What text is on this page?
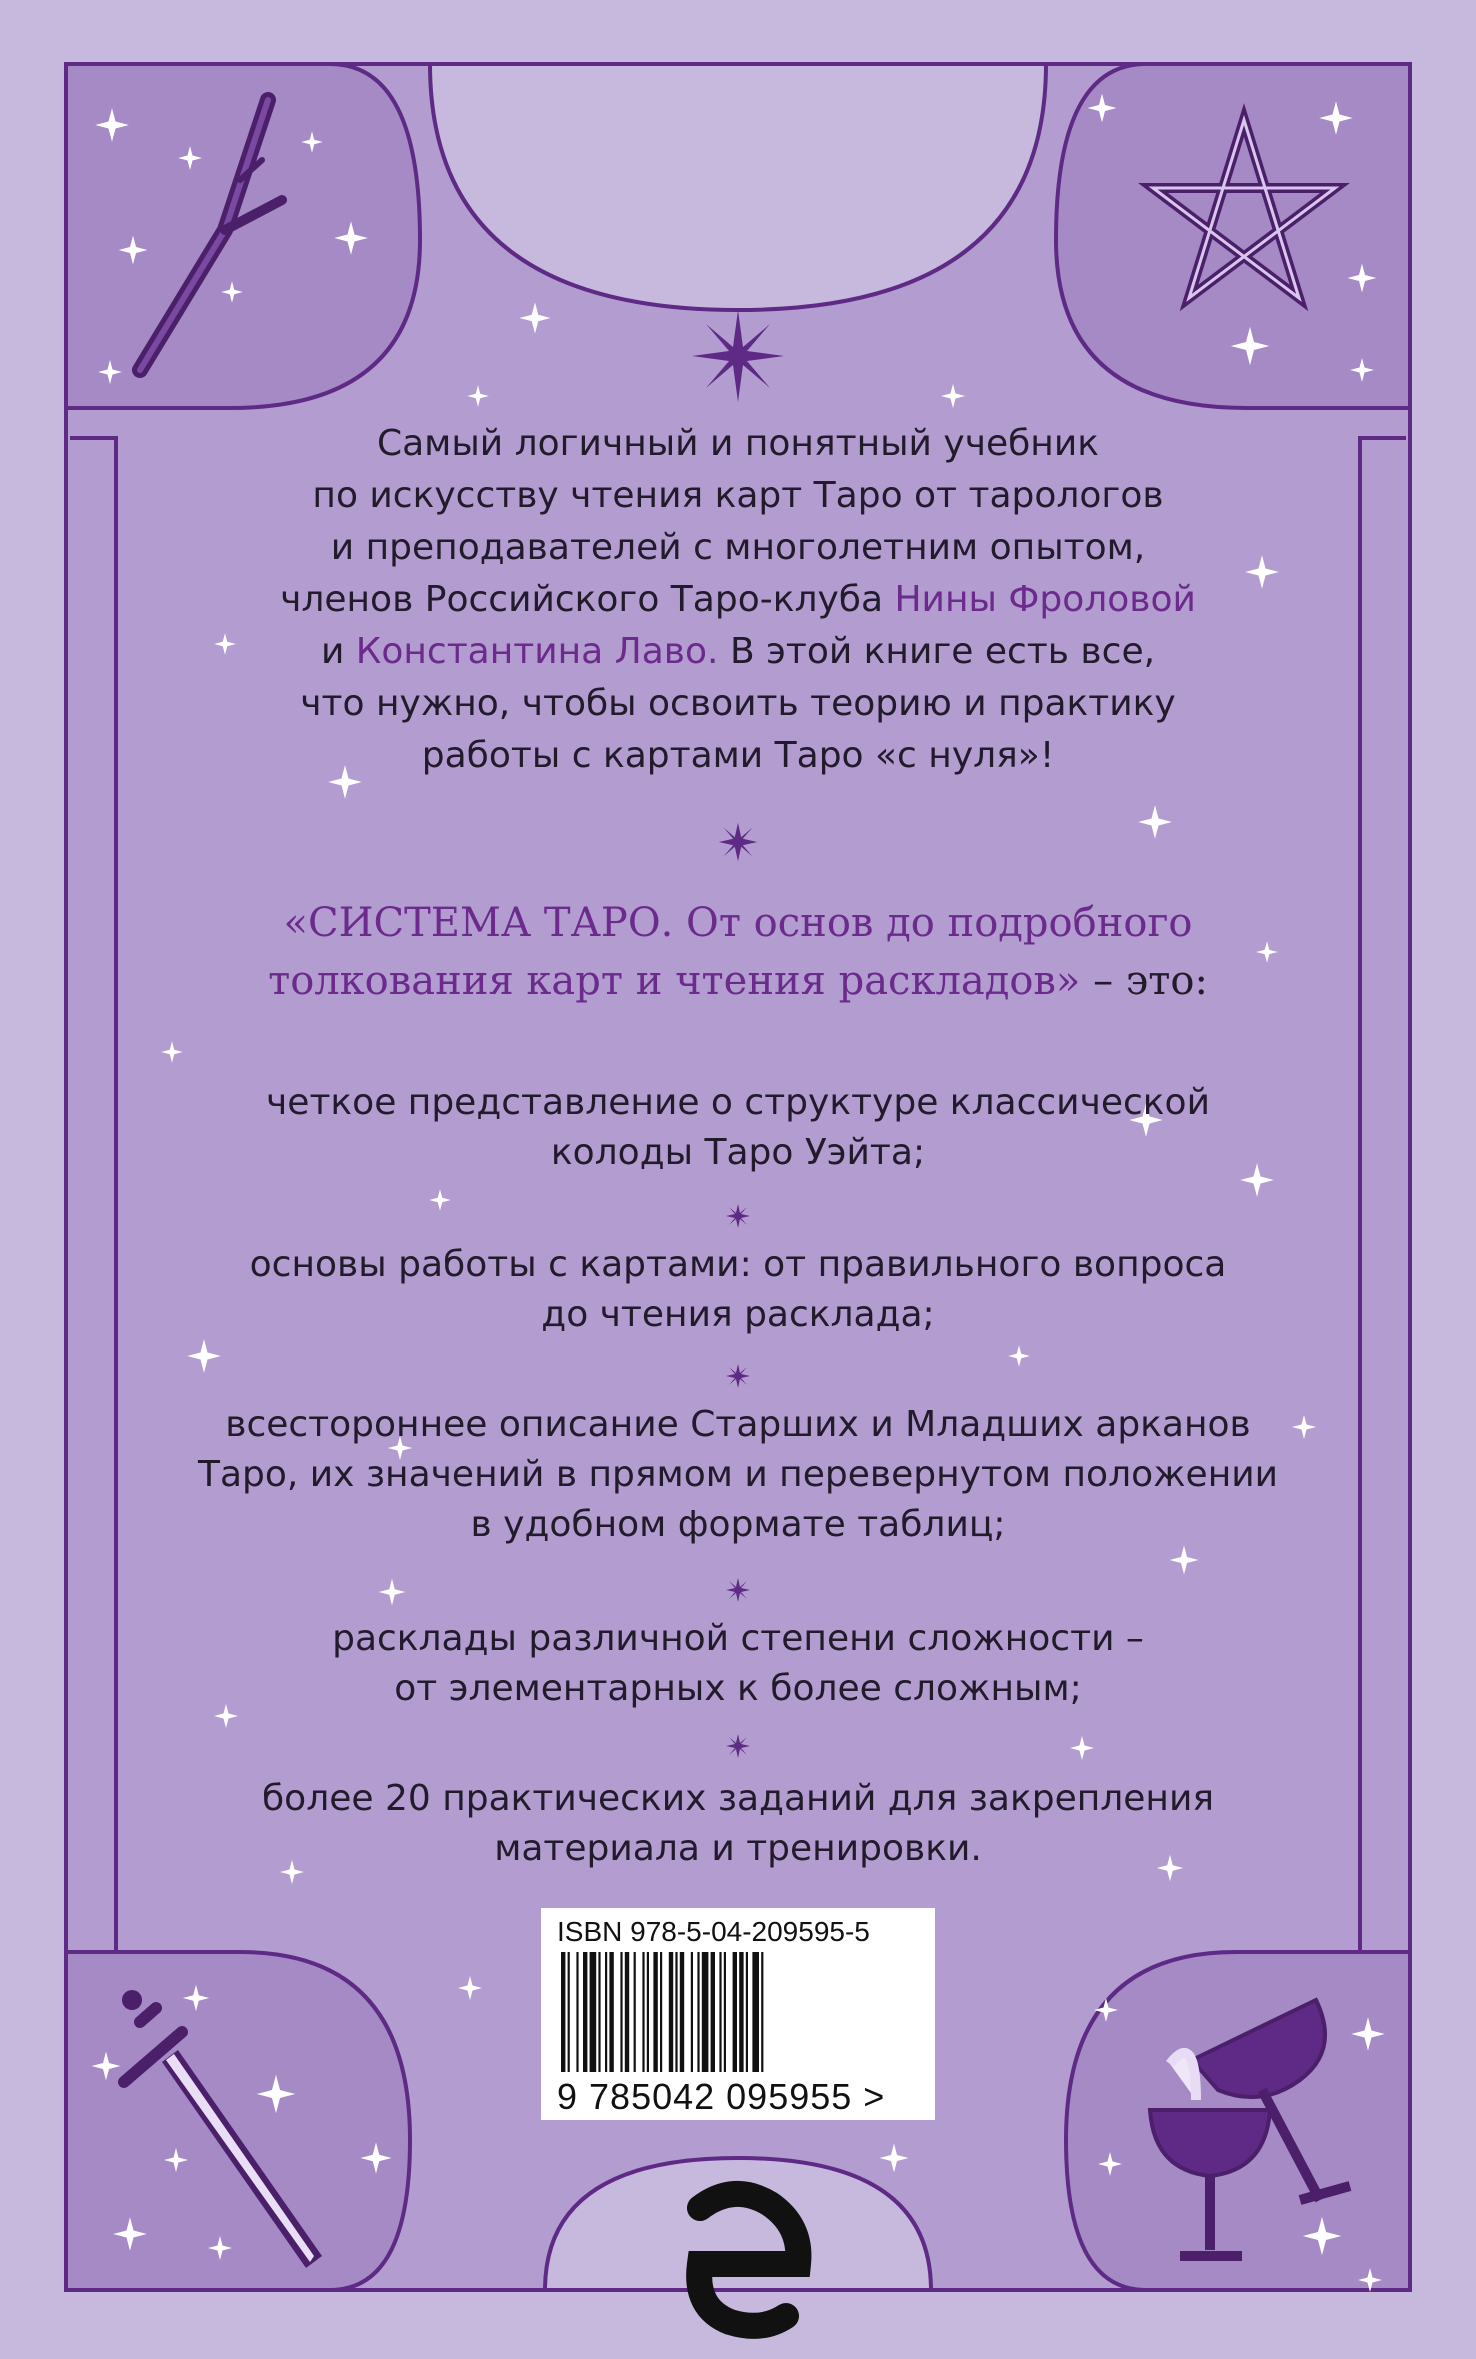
Самый логичный и понятный учебник
по искусству чтения карт Таро от тарологов
и преподавателей с многолетним опытом,
членов Российского Таро-клуба Нины Фроловой
и Константина Лаво. В этой книге есть все,
что нужно, чтобы освоить теорию и практику
работы с картами Таро «с нуля»!
«СИСТЕМА ТАРО. От основ до подробного
толкования карт и чтения раскладов» – это:
четкое представление о структуре классической
колоды Таро Уэйта;
основы работы с картами: от правильного вопроса
до чтения расклада;
всестороннее описание Старших и Младших арканов
Таро, их значений в прямом и перевернутом положении
в удобном формате таблиц;
расклады различной степени сложности –
от элементарных к более сложным;
более 20 практических заданий для закрепления
материала и тренировки.
ISBN 978-5-04-209595-5
9 785042 095955 >
